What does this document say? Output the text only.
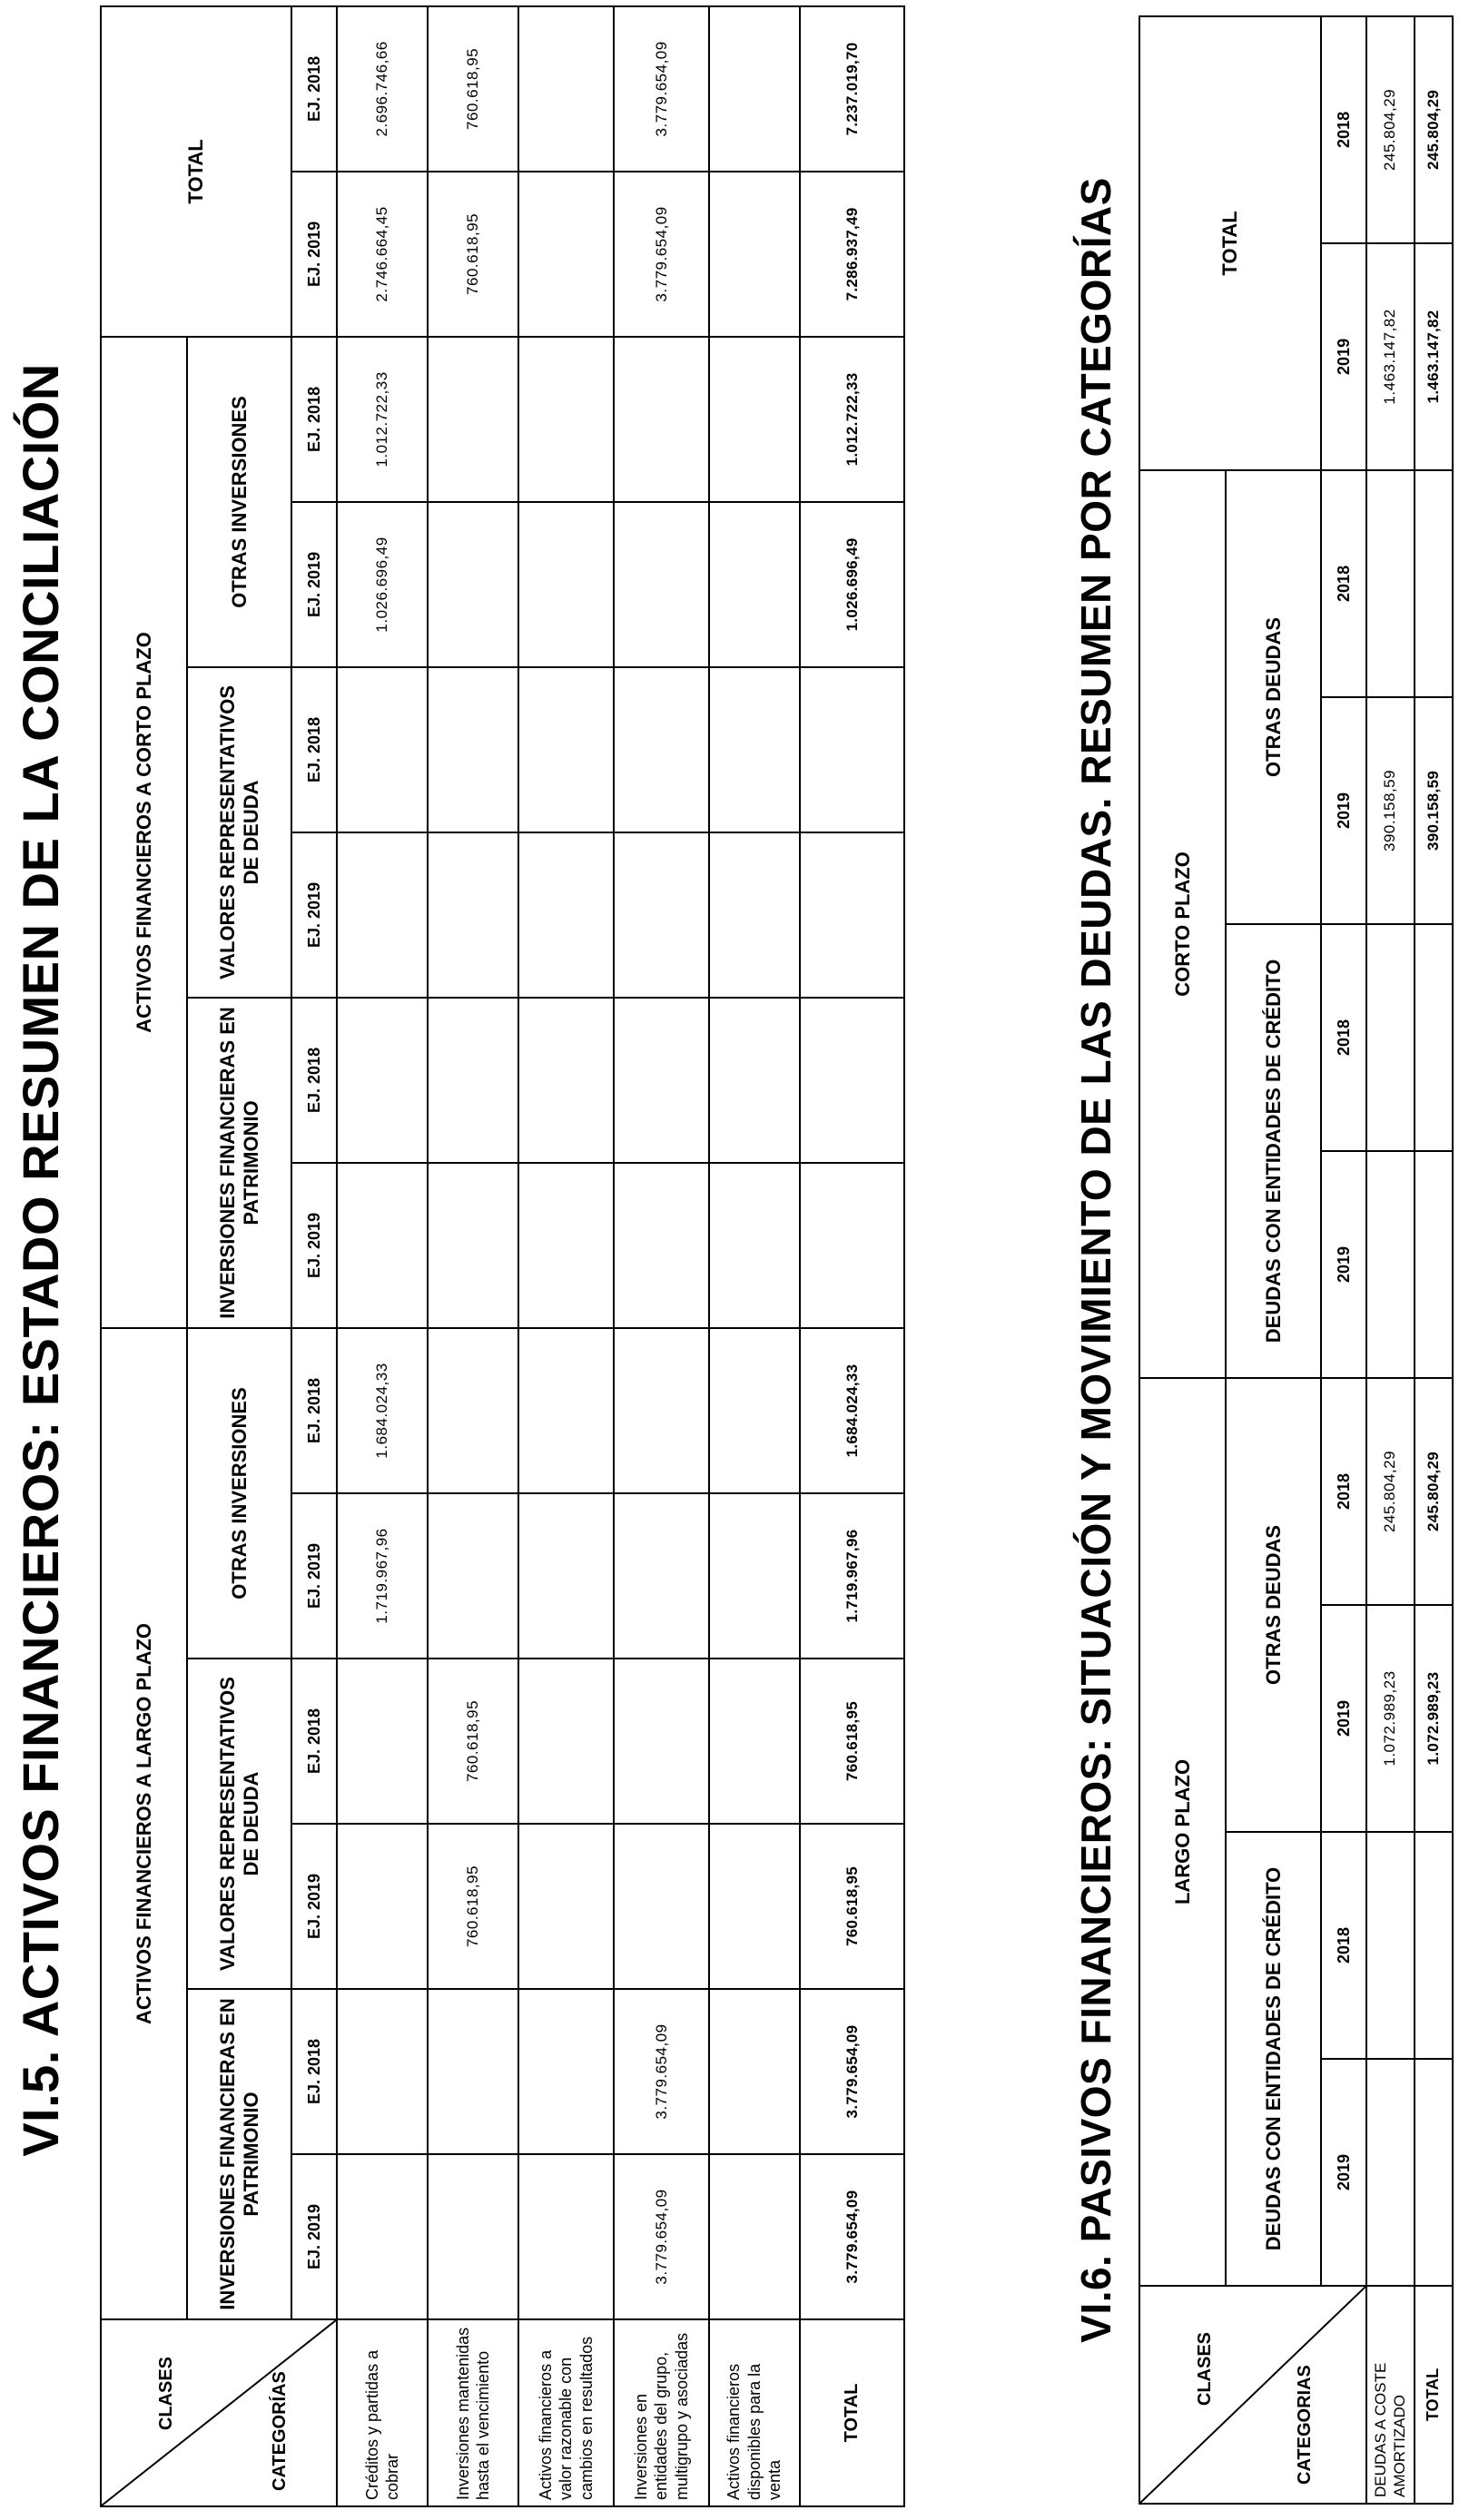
VI.5. ACTIVOS FINANCIEROS: ESTADO RESUMEN DE LA CONCILIACIÓN
CLASES CATEGORÍAS	ACTIVOS FINANCIEROS A LARGO PLAZO						ACTIVOS FINANCIEROS A CORTO PLAZO						TOTAL	
	INVERSIONES FINANCIERAS EN PATRIMONIO		VALORES REPRESENTATIVOS DE DEUDA		OTRAS INVERSIONES		INVERSIONES FINANCIERAS EN PATRIMONIO		VALORES REPRESENTATIVOS DE DEUDA		OTRAS INVERSIONES			
	EJ. 2019	EJ. 2018	EJ. 2019	EJ. 2018	EJ. 2019	EJ. 2018	EJ. 2019	EJ. 2018	EJ. 2019	EJ. 2018	EJ. 2019	EJ. 2018	EJ. 2019	EJ. 2018
Créditos y partidas a cobrar					1.719.967,96	1.684.024,33					1.026.696,49	1.012.722,33	2.746.664,45	2.696.746,66
Inversiones mantenidas hasta el vencimiento			760.618,95	760.618,95									760.618,95	760.618,95
Activos financieros a valor razonable con cambios en resultados														
Inversiones en entidades del grupo, multigrupo y asociadas	3.779.654,09	3.779.654,09											3.779.654,09	3.779.654,09
Activos financieros disponibles para la venta														
TOTAL	3.779.654,09	3.779.654,09	760.618,95	760.618,95	1.719.967,96	1.684.024,33					1.026.696,49	1.012.722,33	7.286.937,49	7.237.019,70
VI.6. PASIVOS FINANCIEROS: SITUACIÓN Y MOVIMIENTO DE LAS DEUDAS. RESUMEN POR CATEGORÍAS
CLASES CATEGORIAS	LARGO PLAZO				CORTO PLAZO				TOTAL	
	DEUDAS CON ENTIDADES DE CRÉDITO		OTRAS DEUDAS		DEUDAS CON ENTIDADES DE CRÉDITO		OTRAS DEUDAS			
	2019	2018	2019	2018	2019	2018	2019	2018	2019	2018
DEUDAS A COSTE AMORTIZADO			1.072.989,23	245.804,29			390.158,59		1.463.147,82	245.804,29
TOTAL			1.072.989,23	245.804,29			390.158,59		1.463.147,82	245.804,29
